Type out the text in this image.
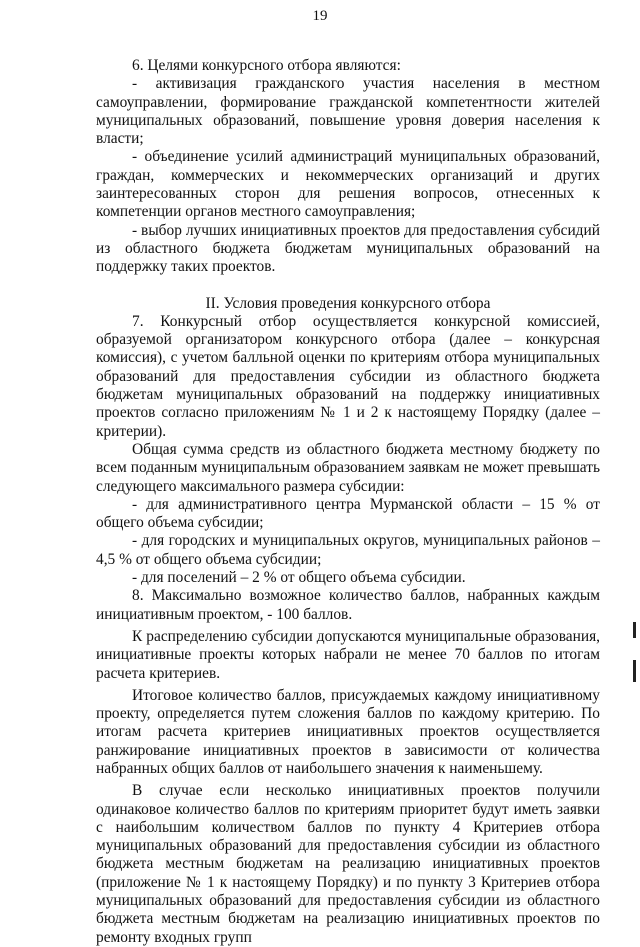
19

6. Целями конкурсного отбора являются:

- активизация гражданского участия населения в местном самоуправлении, формирование гражданской компетентности жителей муниципальных образований, повышение уровня доверия населения к власти;

- объединение усилий администраций муниципальных образований, граждан, коммерческих и некоммерческих организаций и других заинтересованных сторон для решения вопросов, отнесенных к компетенции органов местного самоуправления;

- выбор лучших инициативных проектов для предоставления субсидий из областного бюджета бюджетам муниципальных образований на поддержку таких проектов.

II. Условия проведения конкурсного отбора

7. Конкурсный отбор осуществляется конкурсной комиссией, образуемой организатором конкурсного отбора (далее – конкурсная комиссия), с учетом балльной оценки по критериям отбора муниципальных образований для предоставления субсидии из областного бюджета бюджетам муниципальных образований на поддержку инициативных проектов согласно приложениям № 1 и 2 к настоящему Порядку (далее – критерии).

Общая сумма средств из областного бюджета местному бюджету по всем поданным муниципальным образованием заявкам не может превышать следующего максимального размера субсидии:

- для административного центра Мурманской области – 15 % от общего объема субсидии;

- для городских и муниципальных округов, муниципальных районов – 4,5 % от общего объема субсидии;

- для поселений – 2 % от общего объема субсидии.

8. Максимально возможное количество баллов, набранных каждым инициативным проектом, - 100 баллов.

К распределению субсидии допускаются муниципальные образования, инициативные проекты которых набрали не менее 70 баллов по итогам расчета критериев.

Итоговое количество баллов, присуждаемых каждому инициативному проекту, определяется путем сложения баллов по каждому критерию. По итогам расчета критериев инициативных проектов осуществляется ранжирование инициативных проектов в зависимости от количества набранных общих баллов от наибольшего значения к наименьшему.

В случае если несколько инициативных проектов получили одинаковое количество баллов по критериям приоритет будут иметь заявки с наибольшим количеством баллов по пункту 4 Критериев отбора муниципальных образований для предоставления субсидии из областного бюджета местным бюджетам на реализацию инициативных проектов (приложение № 1 к настоящему Порядку) и по пункту 3 Критериев отбора муниципальных образований для предоставления субсидии из областного бюджета местным бюджетам на реализацию инициативных проектов по ремонту входных групп
